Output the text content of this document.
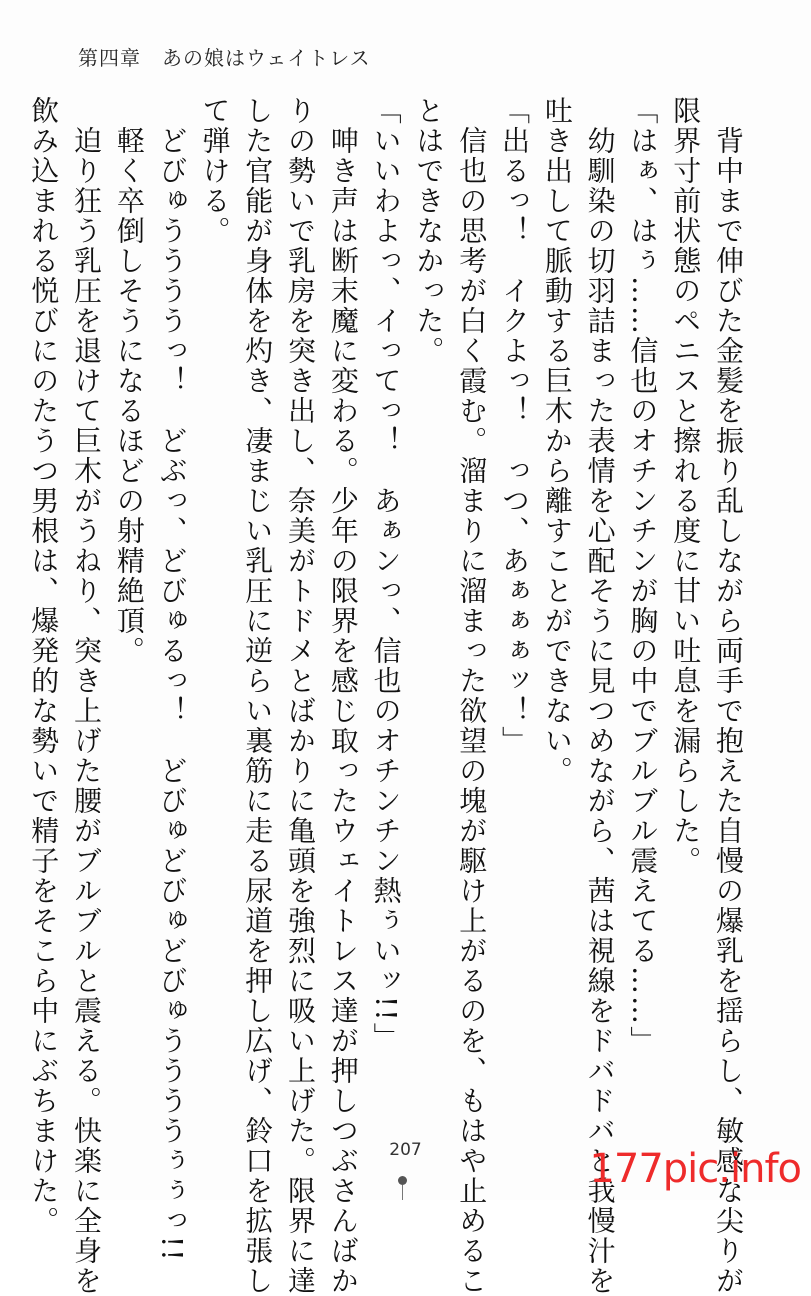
第四章　あの娘はウェイトレス
　背中まで伸びた金髪を振り乱しながら両手で抱えた自慢の爆乳を揺らし、敏感な尖りが
限界寸前状態のペニスと擦れる度に甘い吐息を漏らした。
「はぁ、はぅ……信也のオチンチンが胸の中でブルブル震えてる……」
　幼馴染の切羽詰まった表情を心配そうに見つめながら、茜は視線をドバドバと我慢汁を
吐き出して脈動する巨木から離すことができない。
「出るっ！　イクよっ！　っつ、あぁぁぁッ！」
　信也の思考が白く霞む。溜まりに溜まった欲望の塊が駆け上がるのを、もはや止めるこ
とはできなかった。
「いいわよっ、イってっ！　あぁンっ、信也のオチンチン熱ぅいッ!!」
　呻き声は断末魔に変わる。少年の限界を感じ取ったウェイトレス達が押しつぶさんばか
りの勢いで乳房を突き出し、奈美がトドメとばかりに亀頭を強烈に吸い上げた。限界に達
した官能が身体を灼き、凄まじい乳圧に逆らい裏筋に走る尿道を押し広げ、鈴口を拡張し
て弾ける。
　どびゅううううっ！　どぶっ、どびゅるっ！　どびゅどびゅどびゅううううぅぅっ!!
　軽く卒倒しそうになるほどの射精絶頂。
　迫り狂う乳圧を退けて巨木がうねり、突き上げた腰がブルブルと震える。快楽に全身を
飲み込まれる悦びにのたうつ男根は、爆発的な勢いで精子をそこら中にぶちまけた。	207	177pic.info
